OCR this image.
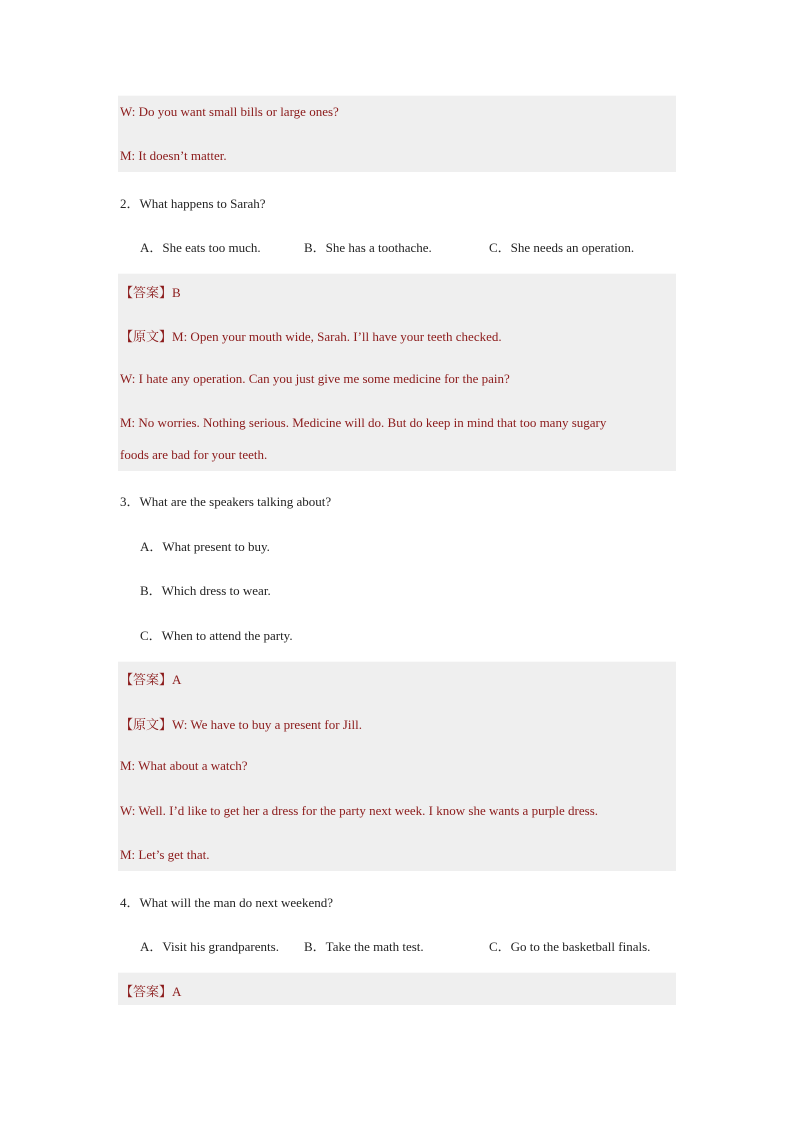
W: Do you want small bills or large ones?
M: It doesn’t matter.
2．What happens to Sarah?
A．She eats too much.	B．She has a toothache.	C．She needs an operation.
【答案】B
【原文】M: Open your mouth wide, Sarah. I’ll have your teeth checked.
W: I hate any operation. Can you just give me some medicine for the pain?
M: No worries. Nothing serious. Medicine will do. But do keep in mind that too many sugary
foods are bad for your teeth.
3．What are the speakers talking about?
A．What present to buy.
B．Which dress to wear.
C．When to attend the party.
【答案】A
【原文】W: We have to buy a present for Jill.
M: What about a watch?
W: Well. I’d like to get her a dress for the party next week. I know she wants a purple dress.
M: Let’s get that.
4．What will the man do next weekend?
A．Visit his grandparents. B．Take the math test.	C．Go to the basketball finals.
【答案】A
